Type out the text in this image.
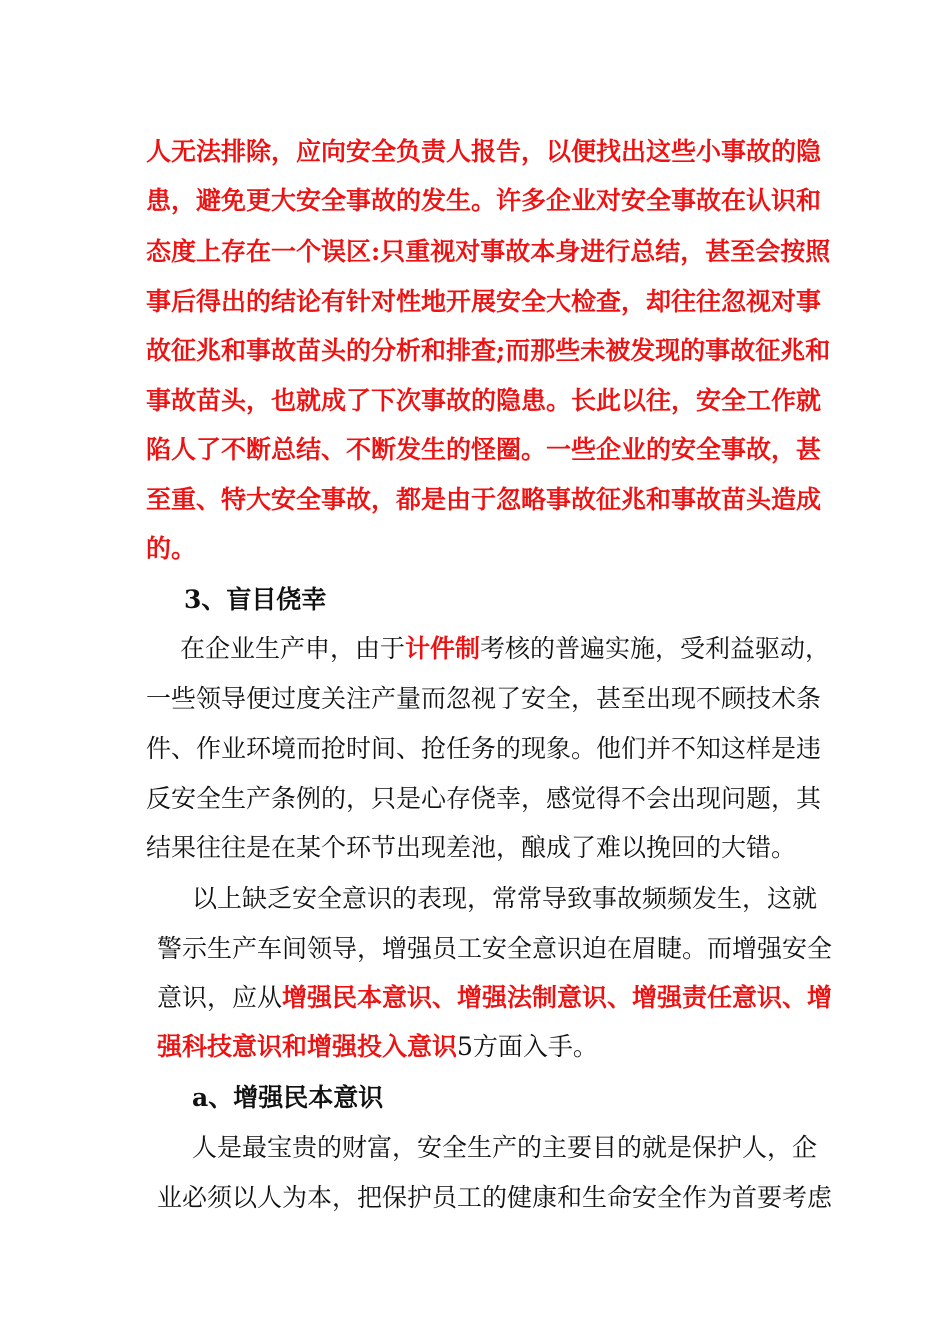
人无法排除，应向安全负责人报告，以便找出这些小事故的隐
患，避免更大安全事故的发生。许多企业对安全事故在认识和
态度上存在一个误区:只重视对事故本身进行总结，甚至会按照
事后得出的结论有针对性地开展安全大检查，却往往忽视对事
故征兆和事故苗头的分析和排查;而那些未被发现的事故征兆和
事故苗头，也就成了下次事故的隐患。长此以往，安全工作就
陷人了不断总结、不断发生的怪圈。一些企业的安全事故，甚
至重、特大安全事故，都是由于忽略事故征兆和事故苗头造成
的。
3、盲目侥幸
在企业生产申，由于计件制考核的普遍实施，受利益驱动，
一些领导便过度关注产量而忽视了安全，甚至出现不顾技术条
件、作业环境而抢时间、抢任务的现象。他们并不知这样是违
反安全生产条例的，只是心存侥幸，感觉得不会出现问题，其
结果往往是在某个环节出现差池，酿成了难以挽回的大错。
以上缺乏安全意识的表现，常常导致事故频频发生，这就
警示生产车间领导，增强员工安全意识迫在眉睫。而增强安全
意识，应从增强民本意识、增强法制意识、增强责任意识、增
强科技意识和增强投入意识5方面入手。
a、增强民本意识
人是最宝贵的财富，安全生产的主要目的就是保护人，企
业必须以人为本，把保护员工的健康和生命安全作为首要考虑
